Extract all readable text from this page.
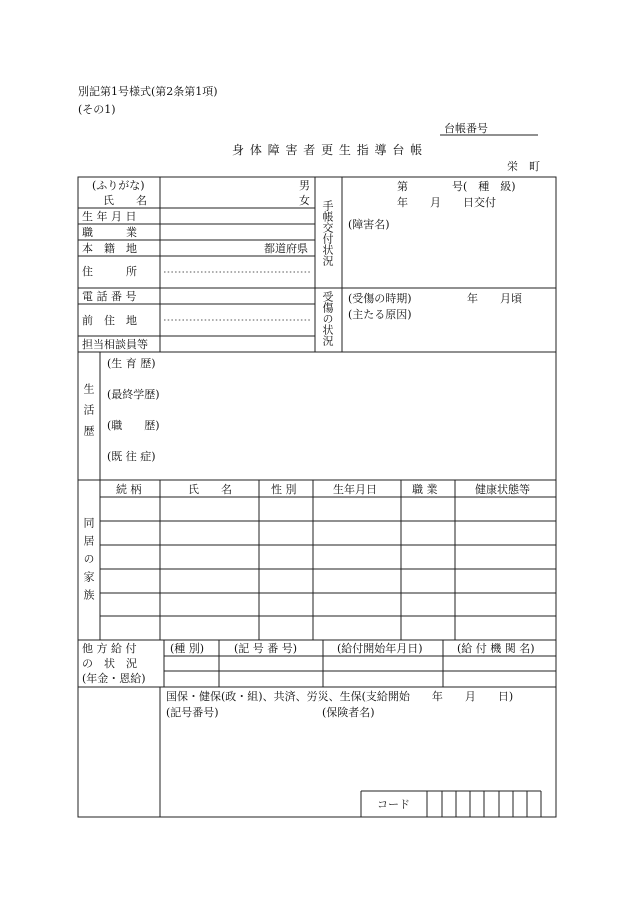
別記第1号様式(第2条第1項)
(その1)
台帳番号
身 体 障 害 者 更 生 指 導 台 帳
栄　町
(ふりがな)
氏　　名
男
女
生 年 月 日
職　　　業
本　籍　地	都道府県
住　　　所
電 話 番 号
前　住　地
担当相談員等
手帳交付状況
第　　　　号(　種　級)
年　　月　　日交付
(障害名)
受傷の状況 (受傷の時期)	年　　月頃
(主たる原因)
生活歴
(生 育 歴)
(最終学歴)
(職　　歴)
(既 往 症)
同居の家族
続 柄	氏　　名	性 別	生年月日	職 業	健康状態等
他 方 給 付
の　状　況
(年金・恩給)
(種 別)	(記 号 番 号)	(給付開始年月日)	(給 付 機 関 名)
国保・健保(政・組)、共済、労災、生保(支給開始　　年　　月　　日)
(記号番号)	(保険者名)
コード
